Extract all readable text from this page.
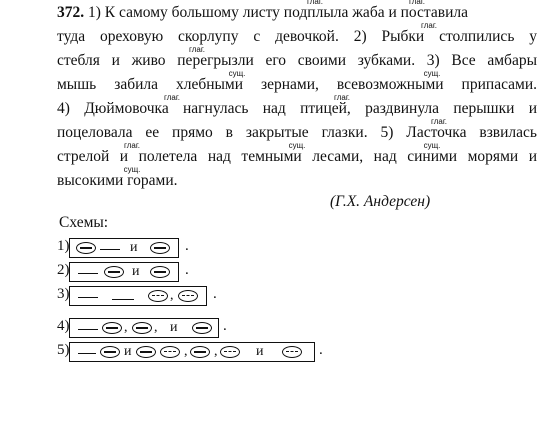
372. 1) К самому большому листу подплыла жаба и поставила
туда ореховую скорлупу с девочкой. 2) Рыбки столпились у
стебля и живо перегрызли его своими зубками. 3) Все амбары
мышь забила хлебными зернами, всевозможными припасами.
4) Дюймовочка нагнулась над птицей, раздвинула перышки и
поцеловала ее прямо в закрытые глазки. 5) Ласточка взвилась
стрелой и полетела над темными лесами, над синими морями и
высокими горами.
глаг.	глаг.
глаг.
глаг.
сущ.	сущ.
глаг.	глаг.
глаг.
глаг.	сущ.	сущ.
сущ.
(Г.Х. Андерсен)
Схемы:
1)	и	.
2)	и	.
3)	,	.
4)	, , и	.
5)	и	, ,	и	.
